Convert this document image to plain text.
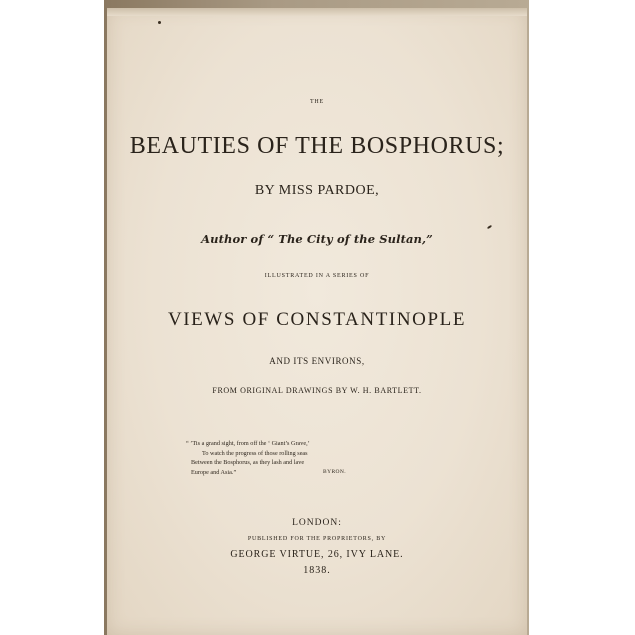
THE
BEAUTIES OF THE BOSPHORUS;
BY MISS PARDOE,
Author of “ The City of the Sultan,”
ILLUSTRATED IN A SERIES OF
VIEWS OF CONSTANTINOPLE
AND ITS ENVIRONS,
FROM ORIGINAL DRAWINGS BY W. H. BARTLETT.
“ ’Tis a grand sight, from off the ‘ Giant’s Grave,’
To watch the progress of those rolling seas
Between the Bosphorus, as they lash and lave
Europe and Asia.”	BYRON.
LONDON:
PUBLISHED FOR THE PROPRIETORS, BY
GEORGE VIRTUE, 26, IVY LANE.
1838.
